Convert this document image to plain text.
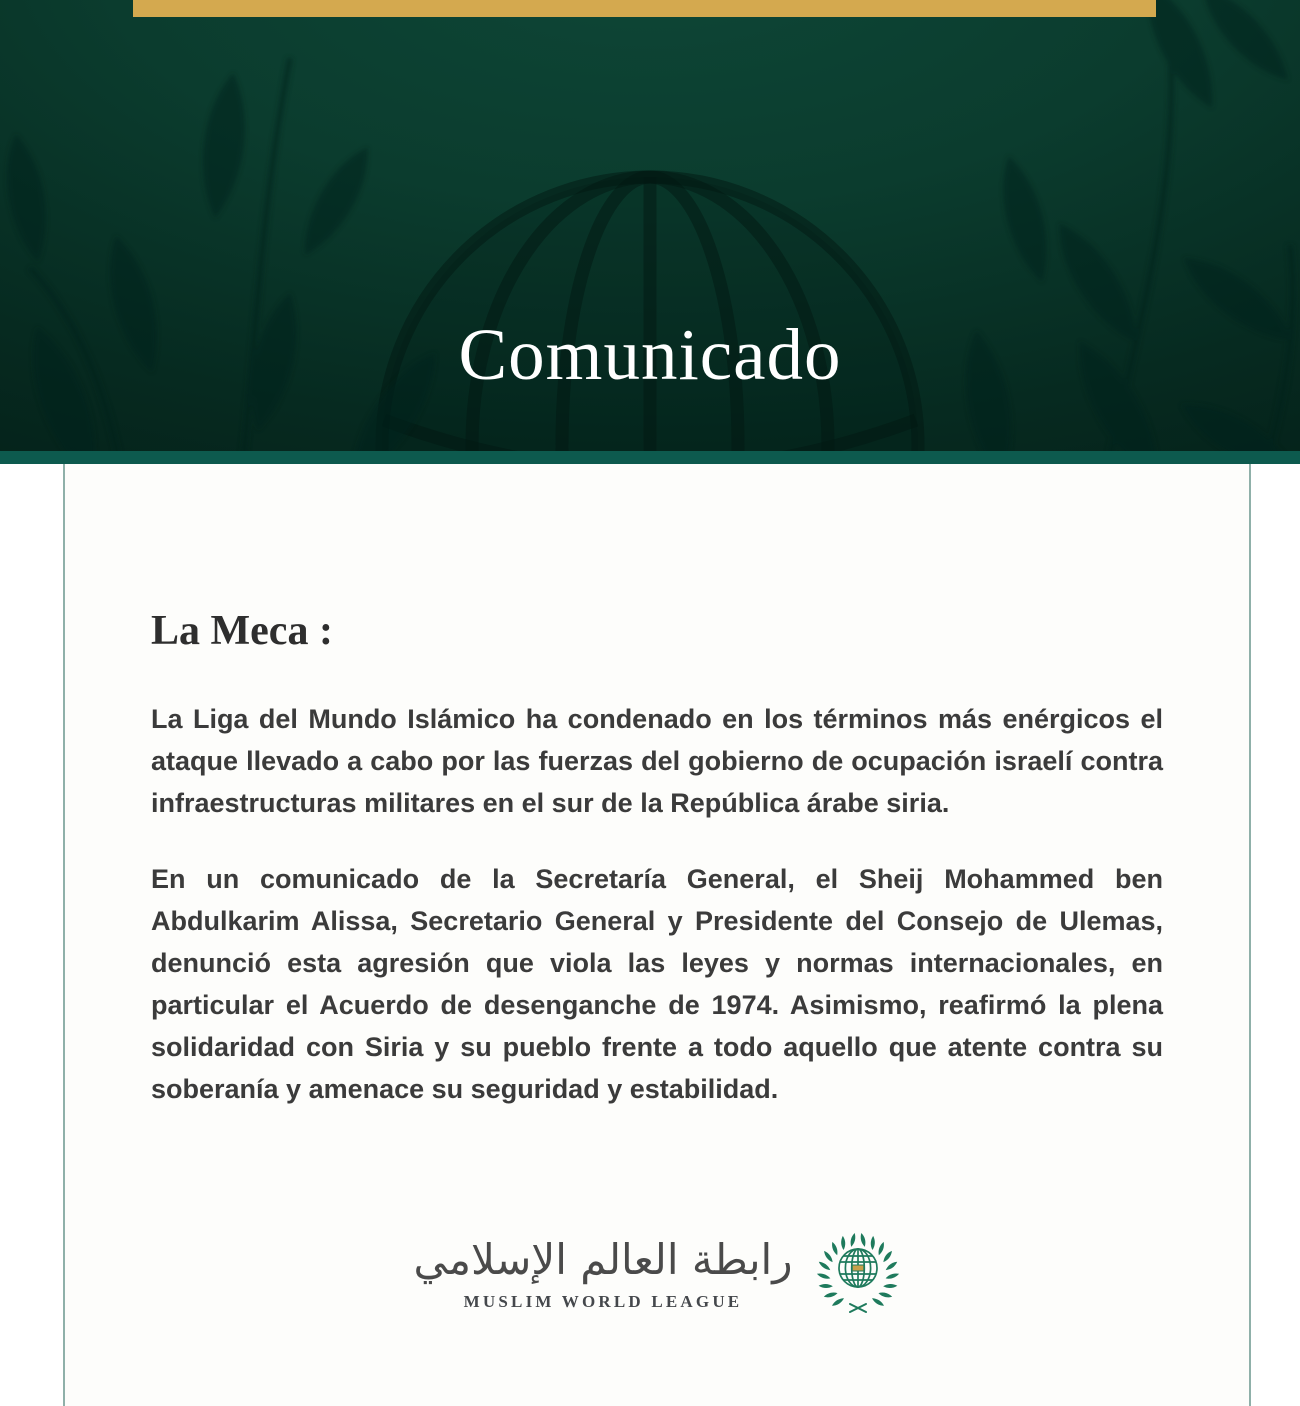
Comunicado
La Meca :

La Liga del Mundo Islámico ha condenado en los términos más enérgicos el ataque llevado a cabo por las fuerzas del gobierno de ocupación israelí contra infraestructuras militares en el sur de la República árabe siria.

En un comunicado de la Secretaría General, el Sheij Mohammed ben Abdulkarim Alissa, Secretario General y Presidente del Consejo de Ulemas, denunció esta agresión que viola las leyes y normas internacionales, en particular el Acuerdo de desenganche de 1974. Asimismo, reafirmó la plena solidaridad con Siria y su pueblo frente a todo aquello que atente contra su soberanía y amenace su seguridad y estabilidad.

رابطة العالم الإسلامي
MUSLIM WORLD LEAGUE
